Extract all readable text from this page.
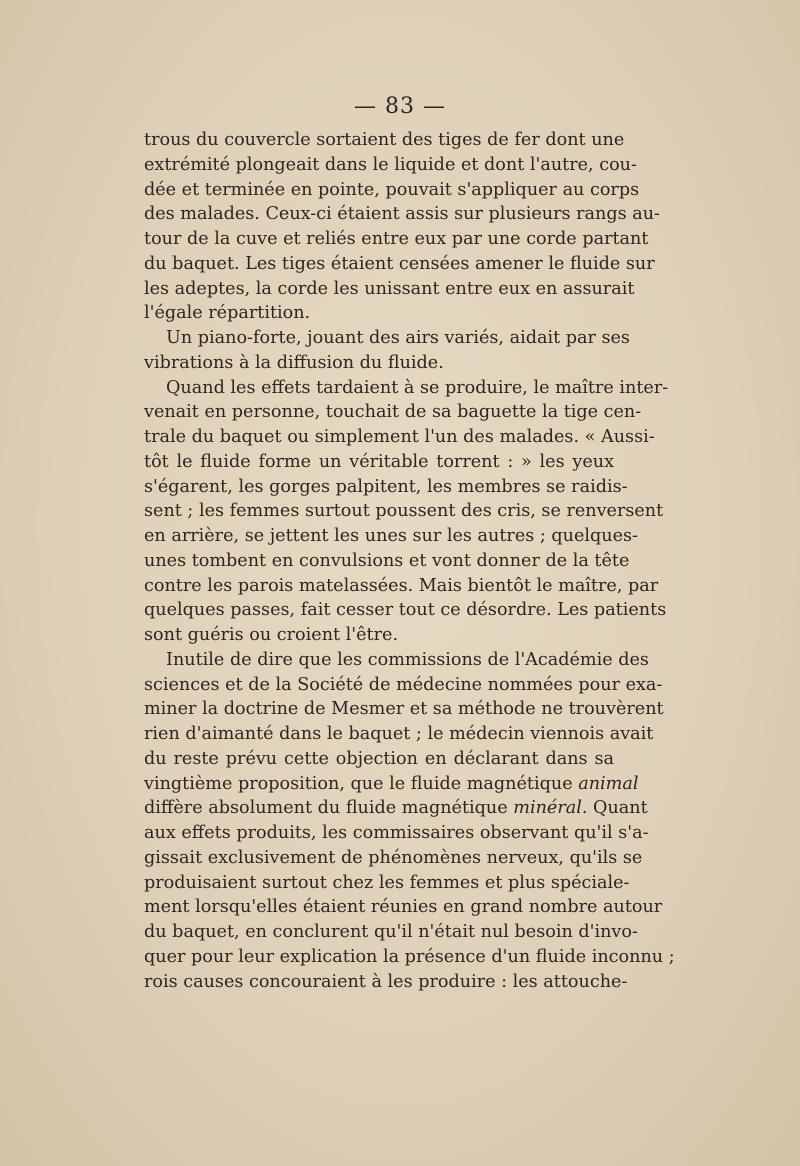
— 83 —
trous du couvercle sortaient des tiges de fer dont une
extrémité plongeait dans le liquide et dont l'autre, cou-
dée et terminée en pointe, pouvait s'appliquer au corps
des malades. Ceux-ci étaient assis sur plusieurs rangs au-
tour de la cuve et reliés entre eux par une corde partant
du baquet. Les tiges étaient censées amener le fluide sur
les adeptes, la corde les unissant entre eux en assurait
l'égale répartition.
Un piano-forte, jouant des airs variés, aidait par ses
vibrations à la diffusion du fluide.
Quand les effets tardaient à se produire, le maître inter-
venait en personne, touchait de sa baguette la tige cen-
trale du baquet ou simplement l'un des malades. « Aussi-
tôt le fluide forme un véritable torrent : » les yeux
s'égarent, les gorges palpitent, les membres se raidis-
sent ; les femmes surtout poussent des cris, se renversent
en arrière, se jettent les unes sur les autres ; quelques-
unes tombent en convulsions et vont donner de la tête
contre les parois matelassées. Mais bientôt le maître, par
quelques passes, fait cesser tout ce désordre. Les patients
sont guéris ou croient l'être.
Inutile de dire que les commissions de l'Académie des
sciences et de la Société de médecine nommées pour exa-
miner la doctrine de Mesmer et sa méthode ne trouvèrent
rien d'aimanté dans le baquet ; le médecin viennois avait
du reste prévu cette objection en déclarant dans sa
vingtième proposition, que le fluide magnétique animal
diffère absolument du fluide magnétique minéral. Quant
aux effets produits, les commissaires observant qu'il s'a-
gissait exclusivement de phénomènes nerveux, qu'ils se
produisaient surtout chez les femmes et plus spéciale-
ment lorsqu'elles étaient réunies en grand nombre autour
du baquet, en conclurent qu'il n'était nul besoin d'invo-
quer pour leur explication la présence d'un fluide inconnu ;
rois causes concouraient à les produire : les attouche-
